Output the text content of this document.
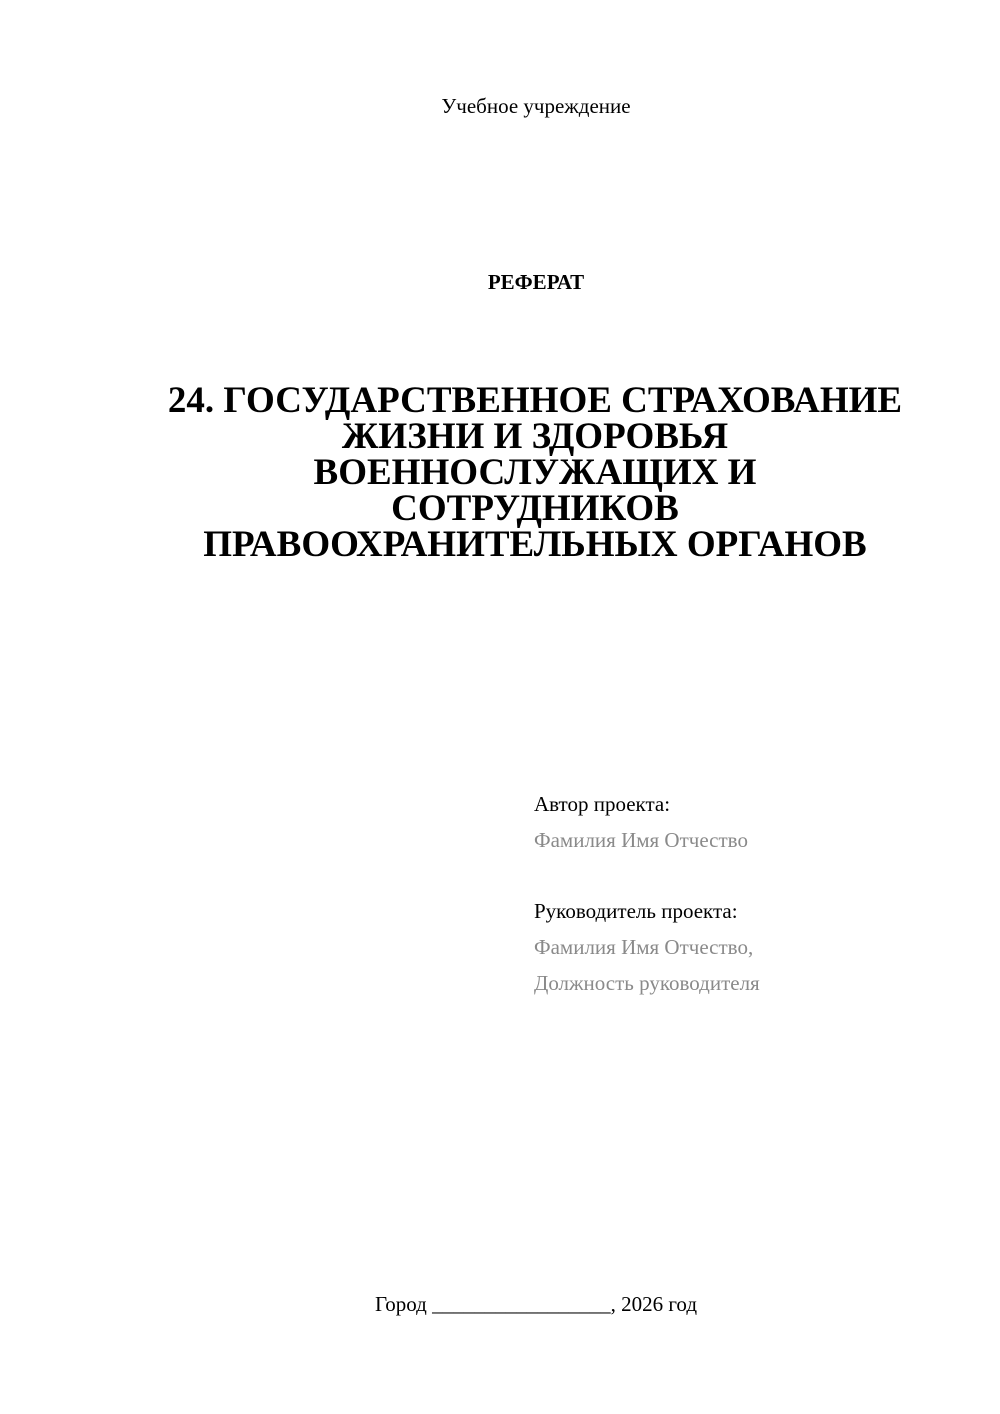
Учебное учреждение
РЕФЕРАТ
24. ГОСУДАРСТВЕННОЕ СТРАХОВАНИЕ
ЖИЗНИ И ЗДОРОВЬЯ
ВОЕННОСЛУЖАЩИХ И
СОТРУДНИКОВ
ПРАВООХРАНИТЕЛЬНЫХ ОРГАНОВ
Автор проекта:
Фамилия Имя Отчество
Руководитель проекта:
Фамилия Имя Отчество,
Должность руководителя
Город _________________, 2026 год
